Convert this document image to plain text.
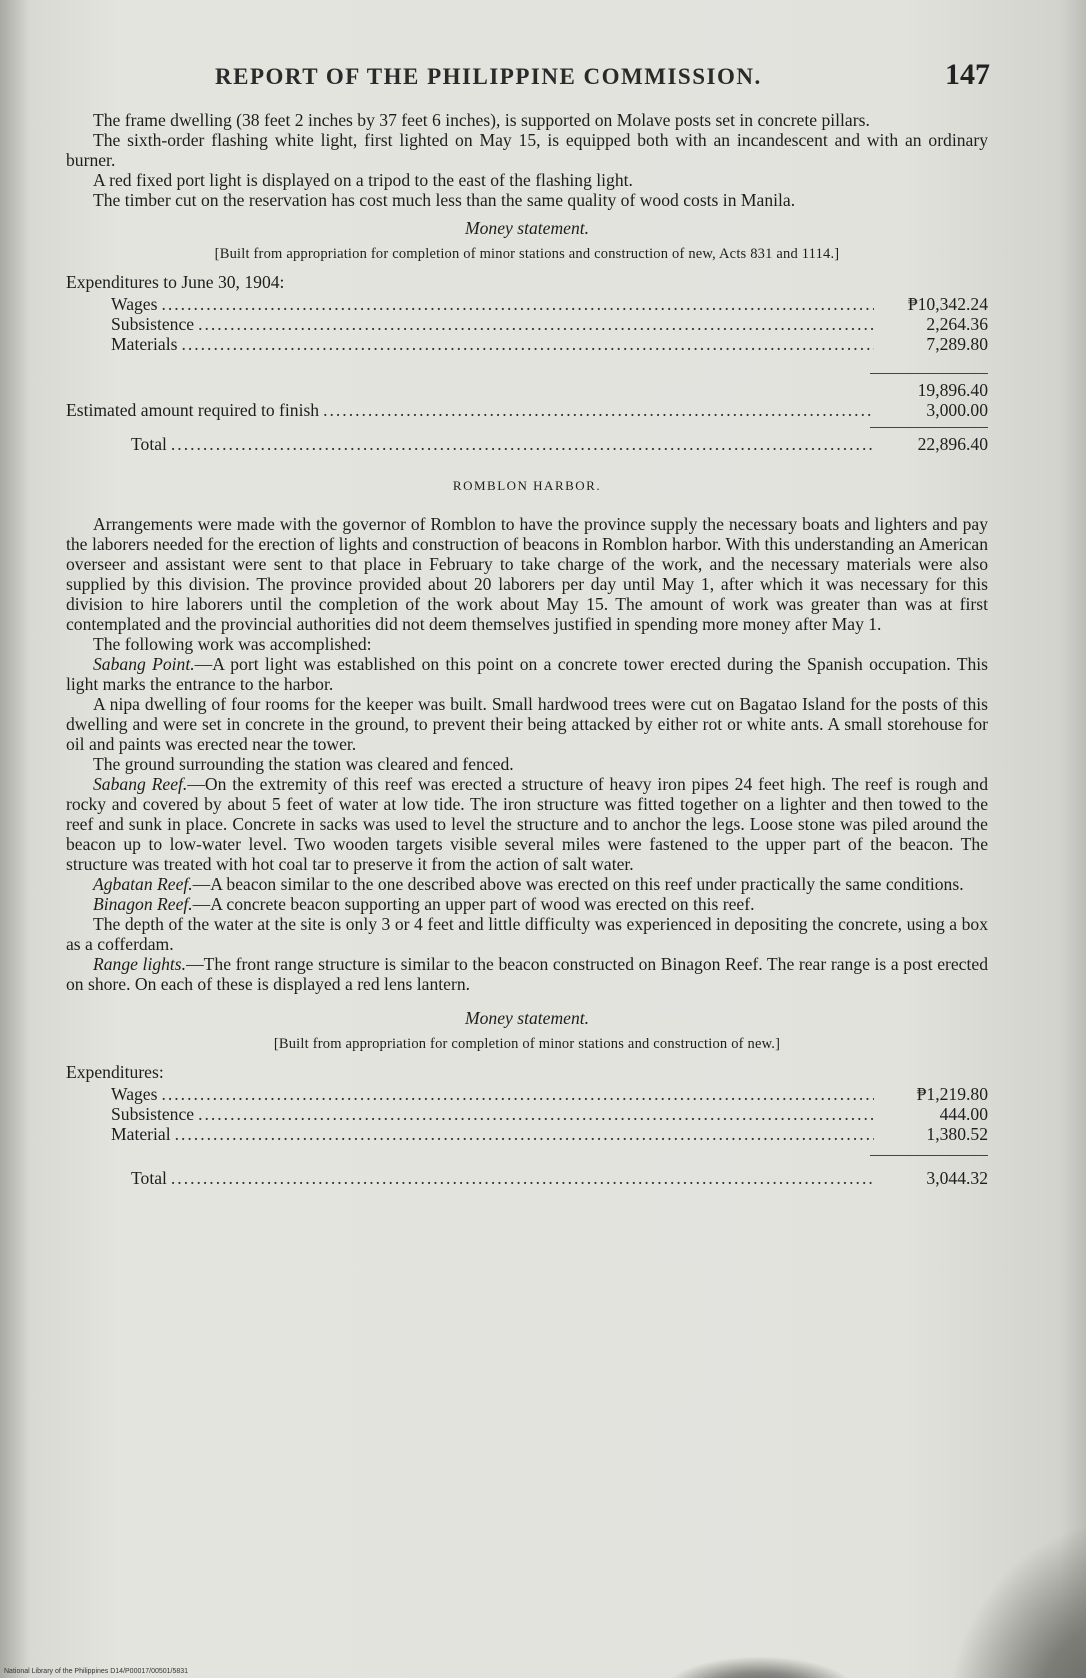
REPORT OF THE PHILIPPINE COMMISSION.	147

The frame dwelling (38 feet 2 inches by 37 feet 6 inches), is supported on Molave posts set in concrete pillars.

The sixth-order flashing white light, first lighted on May 15, is equipped both with an incandescent and with an ordinary burner.

A red fixed port light is displayed on a tripod to the east of the flashing light.

The timber cut on the reservation has cost much less than the same quality of wood costs in Manila.

Money statement.
[Built from appropriation for completion of minor stations and construction of new, Acts 831 and 1114.]
Expenditures to June 30, 1904:
Wages .....	₱10,342.24
Subsistence .....	2,264.36
Materials .....	7,289.80
19,896.40
Estimated amount required to finish .....	3,000.00
Total .....	22,896.40
ROMBLON HARBOR.

Arrangements were made with the governor of Romblon to have the province supply the necessary boats and lighters and pay the laborers needed for the erection of lights and construction of beacons in Romblon harbor. With this understanding an American overseer and assistant were sent to that place in February to take charge of the work, and the necessary materials were also supplied by this division. The province provided about 20 laborers per day until May 1, after which it was necessary for this division to hire laborers until the completion of the work about May 15. The amount of work was greater than was at first contemplated and the provincial authorities did not deem themselves justified in spending more money after May 1.

The following work was accomplished:

Sabang Point.—A port light was established on this point on a concrete tower erected during the Spanish occupation. This light marks the entrance to the harbor.

A nipa dwelling of four rooms for the keeper was built. Small hardwood trees were cut on Bagatao Island for the posts of this dwelling and were set in concrete in the ground, to prevent their being attacked by either rot or white ants. A small storehouse for oil and paints was erected near the tower.

The ground surrounding the station was cleared and fenced.

Sabang Reef.—On the extremity of this reef was erected a structure of heavy iron pipes 24 feet high. The reef is rough and rocky and covered by about 5 feet of water at low tide. The iron structure was fitted together on a lighter and then towed to the reef and sunk in place. Concrete in sacks was used to level the structure and to anchor the legs. Loose stone was piled around the beacon up to low-water level. Two wooden targets visible several miles were fastened to the upper part of the beacon. The structure was treated with hot coal tar to preserve it from the action of salt water.

Agbatan Reef.—A beacon similar to the one described above was erected on this reef under practically the same conditions.

Binagon Reef.—A concrete beacon supporting an upper part of wood was erected on this reef.

The depth of the water at the site is only 3 or 4 feet and little difficulty was experienced in depositing the concrete, using a box as a cofferdam.

Range lights.—The front range structure is similar to the beacon constructed on Binagon Reef. The rear range is a post erected on shore. On each of these is displayed a red lens lantern.

Money statement.
[Built from appropriation for completion of minor stations and construction of new.]
Expenditures:
Wages .....	₱1,219.80
Subsistence .....	444.00
Material .....	1,380.52
Total .....	3,044.32
National Library of the Philippines D14/P00017/00501/5831
